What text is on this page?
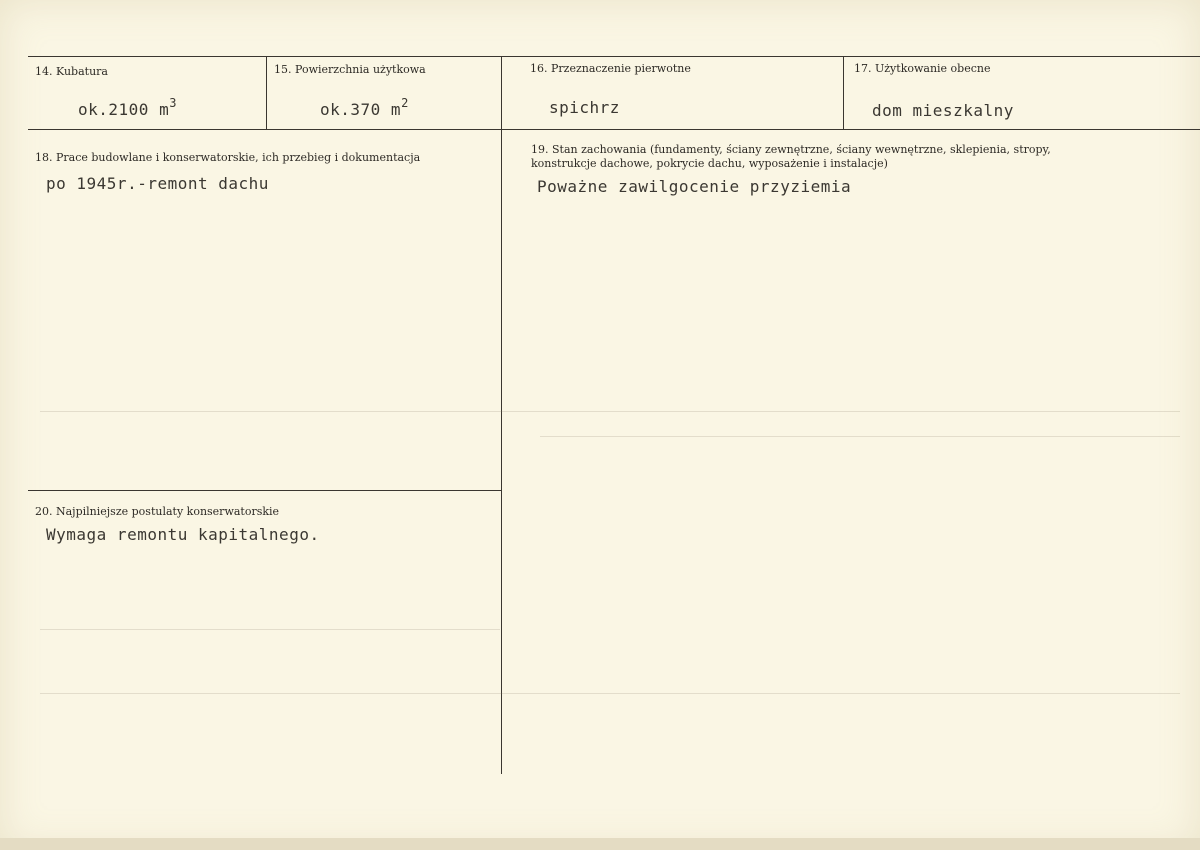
14. Kubatura
ok.2100 $m^3$
15. Powierzchnia użytkowa
ok.370 $m^2$
16. Przeznaczenie pierwotne
spichrz
17. Użytkowanie obecne
dom mieszkalny
18. Prace budowlane i konserwatorskie, ich przebieg i dokumentacja
po 1945r.-remont dachu
19. Stan zachowania (fundamenty, ściany zewnętrzne, ściany wewnętrzne, sklepienia, stropy,
konstrukcje dachowe, pokrycie dachu, wyposażenie i instalacje)
Poważne zawilgocenie przyziemia
20. Najpilniejsze postulaty konserwatorskie
Wymaga remontu kapitalnego.
